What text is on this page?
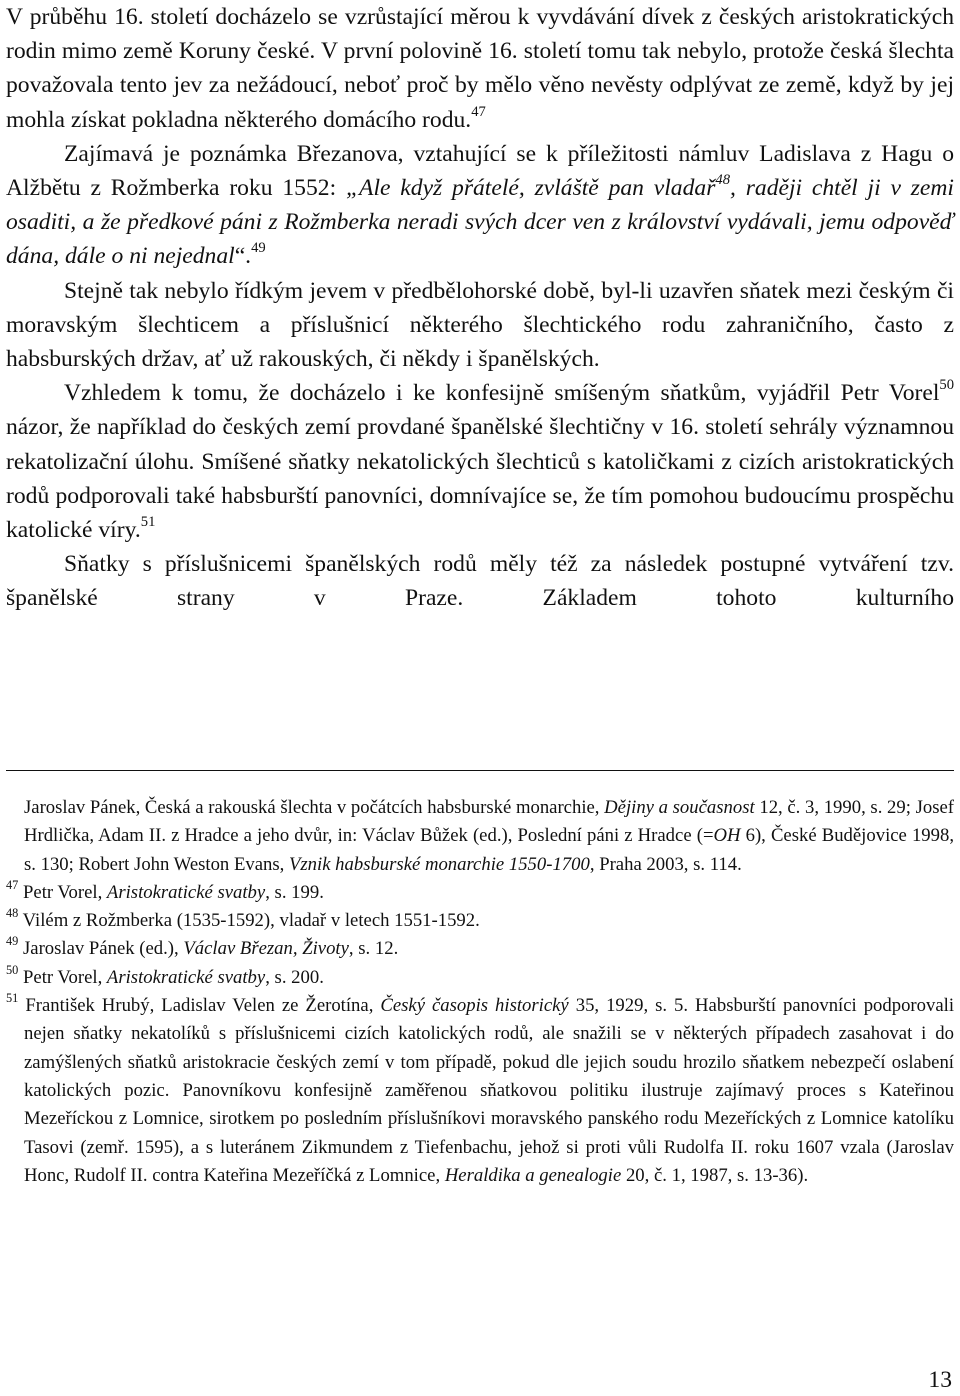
V průběhu 16. století docházelo se vzrůstající měrou k vyvdávání dívek z českých aristokratických rodin mimo země Koruny české. V první polovině 16. století tomu tak nebylo, protože česká šlechta považovala tento jev za nežádoucí, neboť proč by mělo věno nevěsty odplývat ze země, když by jej mohla získat pokladna některého domácího rodu.$^{47}$

Zajímavá je poznámka Březanova, vztahující se k příležitosti námluv Ladislava z Hagu o Alžbětu z Rožmberka roku 1552: „Ale když přátelé, zvláště pan vladař$^{48}$, raději chtěl ji v zemi osaditi, a že předkové páni z Rožmberka neradi svých dcer ven z království vydávali, jemu odpověď dána, dále o ni nejednal“.$^{49}$

Stejně tak nebylo řídkým jevem v předbělohorské době, byl-li uzavřen sňatek mezi českým či moravským šlechticem a příslušnicí některého šlechtického rodu zahraničního, často z habsburských držav, ať už rakouských, či někdy i španělských.

Vzhledem k tomu, že docházelo i ke konfesijně smíšeným sňatkům, vyjádřil Petr Vorel$^{50}$ názor, že například do českých zemí provdané španělské šlechtičny v 16. století sehrály významnou rekatolizační úlohu. Smíšené sňatky nekatolických šlechticů s katoličkami z cizích aristokratických rodů podporovali také habsburští panovníci, domnívajíce se, že tím pomohou budoucímu prospěchu katolické víry.$^{51}$

Sňatky s příslušnicemi španělských rodů měly též za následek postupné vytváření tzv. španělské strany v Praze. Základem tohoto kulturního

Jaroslav Pánek, Česká a rakouská šlechta v počátcích habsburské monarchie, Dějiny a současnost 12, č. 3, 1990, s. 29; Josef Hrdlička, Adam II. z Hradce a jeho dvůr, in: Václav Bůžek (ed.), Poslední páni z Hradce (=OH 6), České Budějovice 1998, s. 130; Robert John Weston Evans, Vznik habsburské monarchie 1550-1700, Praha 2003, s. 114.

$^{47}$ Petr Vorel, Aristokratické svatby, s. 199.

$^{48}$ Vilém z Rožmberka (1535-1592), vladař v letech 1551-1592.

$^{49}$ Jaroslav Pánek (ed.), Václav Březan, Životy, s. 12.

$^{50}$ Petr Vorel, Aristokratické svatby, s. 200.

$^{51}$ František Hrubý, Ladislav Velen ze Žerotína, Český časopis historický 35, 1929, s. 5. Habsburští panovníci podporovali nejen sňatky nekatolíků s příslušnicemi cizích katolických rodů, ale snažili se v některých případech zasahovat i do zamýšlených sňatků aristokracie českých zemí v tom případě, pokud dle jejich soudu hrozilo sňatkem nebezpečí oslabení katolických pozic. Panovníkovu konfesijně zaměřenou sňatkovou politiku ilustruje zajímavý proces s Kateřinou Mezeříckou z Lomnice, sirotkem po posledním příslušníkovi moravského panského rodu Mezeříckých z Lomnice katolíku Tasovi (zemř. 1595), a s luteránem Zikmundem z Tiefenbachu, jehož si proti vůli Rudolfa II. roku 1607 vzala (Jaroslav Honc, Rudolf II. contra Kateřina Mezeříčká z Lomnice, Heraldika a genealogie 20, č. 1, 1987, s. 13-36).

13
